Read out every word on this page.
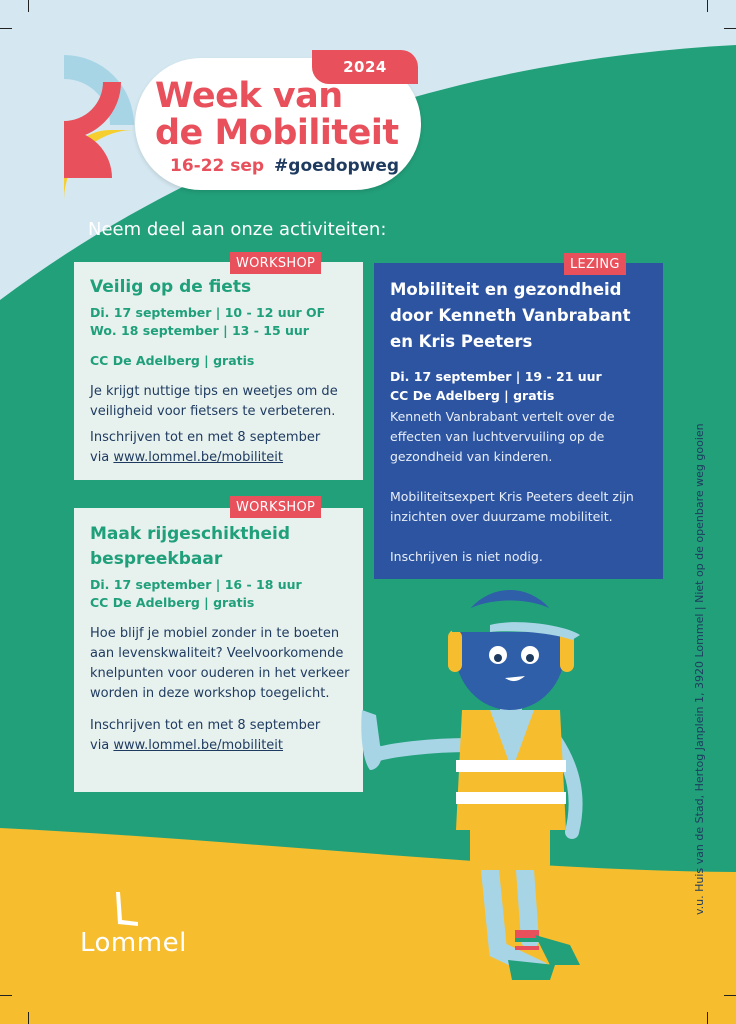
2024
Week van
de Mobiliteit
16-22 sep #goedopweg
Neem deel aan onze activiteiten:
Veilig op de fiets
Di. 17 september | 10 - 12 uur OF
Wo. 18 september | 13 - 15 uur
CC De Adelberg | gratis
Je krijgt nuttige tips en weetjes om de
veiligheid voor fietsers te verbeteren.
Inschrijven tot en met 8 september
via www.lommel.be/mobiliteit
WORKSHOP
Maak rijgeschiktheid
bespreekbaar
Di. 17 september | 16 - 18 uur
CC De Adelberg | gratis
Hoe blijf je mobiel zonder in te boeten
aan levenskwaliteit? Veelvoorkomende
knelpunten voor ouderen in het verkeer
worden in deze workshop toegelicht.
Inschrijven tot en met 8 september
via www.lommel.be/mobiliteit
WORKSHOP
Mobiliteit en gezondheid
door Kenneth Vanbrabant
en Kris Peeters
Di. 17 september | 19 - 21 uur
CC De Adelberg | gratis
Kenneth Vanbrabant vertelt over de
effecten van luchtvervuiling op de
gezondheid van kinderen.
Mobiliteitsexpert Kris Peeters deelt zijn
inzichten over duurzame mobiliteit.
Inschrijven is niet nodig.
LEZING
v.u. Huis van de Stad, Hertog Janplein 1, 3920 Lommel | Niet op de openbare weg gooien
Lommel
